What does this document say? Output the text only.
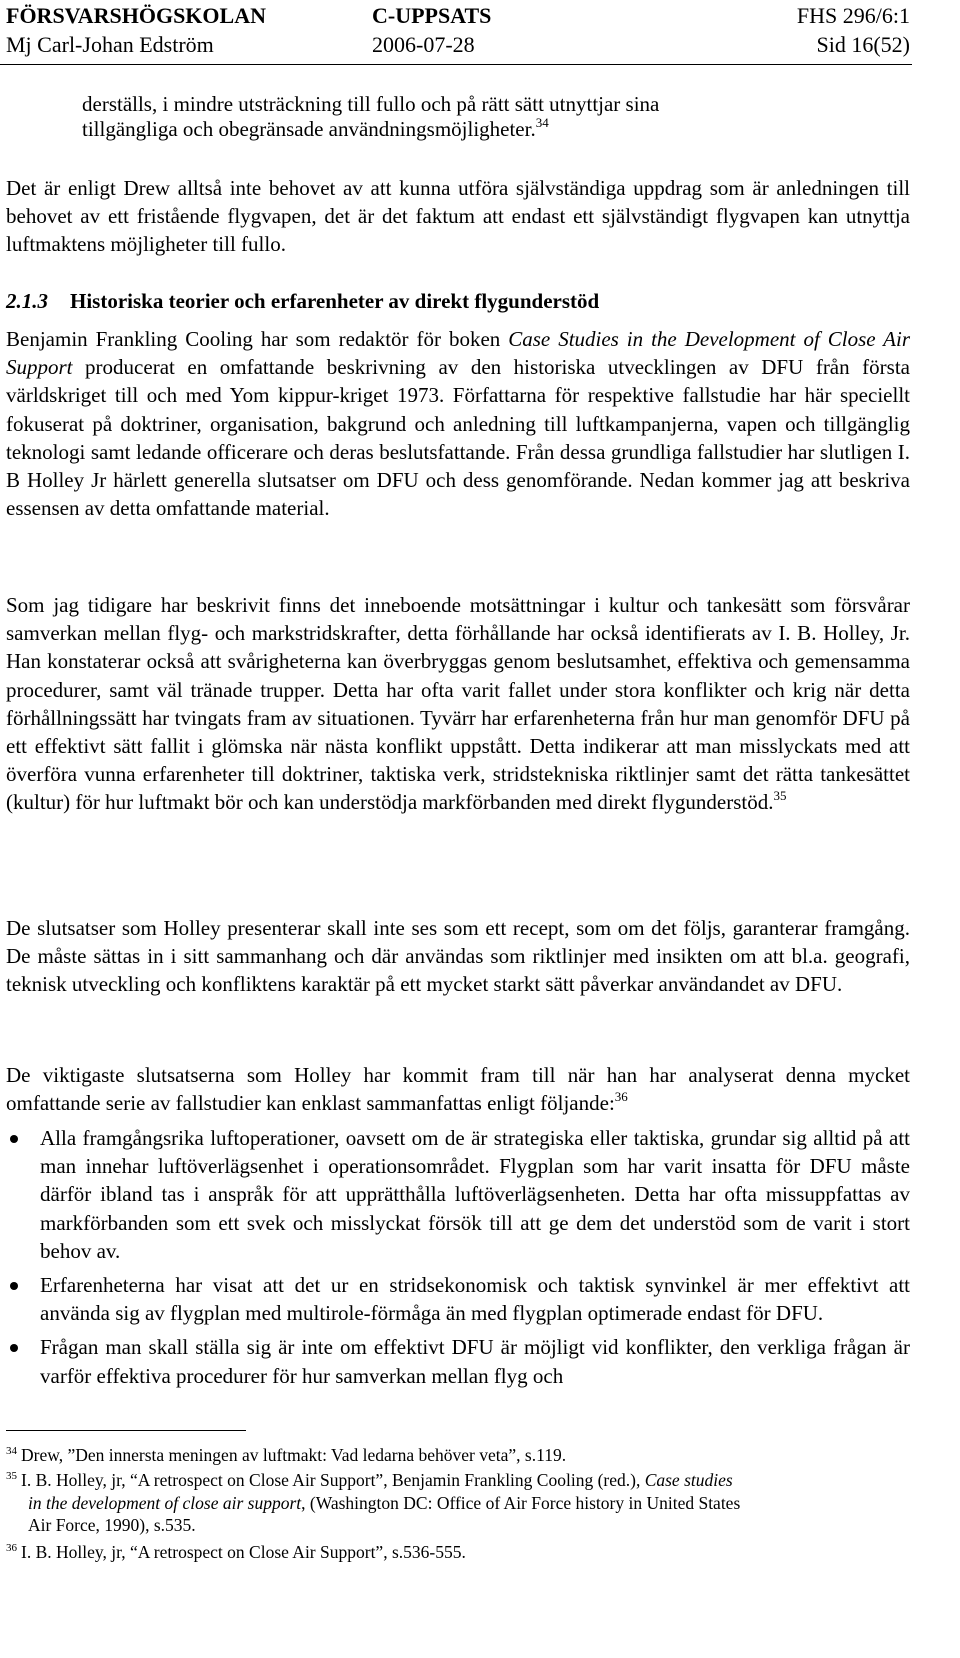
FÖRSVARSHÖGSKOLAN	C-UPPSATS	FHS 296/6:1
Mj Carl-Johan Edström	2006-07-28	Sid 16(52)
derställs, i mindre utsträckning till fullo och på rätt sätt utnyttjar sina tillgängliga och obegränsade användningsmöjligheter.$^{34}$
Det är enligt Drew alltså inte behovet av att kunna utföra självständiga uppdrag som är anledningen till behovet av ett fristående flygvapen, det är det faktum att endast ett självständigt flygvapen kan utnyttja luftmaktens möjligheter till fullo.
2.1.3 Historiska teorier och erfarenheter av direkt flygunderstöd
Benjamin Frankling Cooling har som redaktör för boken Case Studies in the Development of Close Air Support producerat en omfattande beskrivning av den historiska utvecklingen av DFU från första världskriget till och med Yom kippur-kriget 1973. Författarna för respektive fallstudie har här speciellt fokuserat på doktriner, organisation, bakgrund och anledning till luftkampanjerna, vapen och tillgänglig teknologi samt ledande officerare och deras beslutsfattande. Från dessa grundliga fallstudier har slutligen I. B Holley Jr härlett generella slutsatser om DFU och dess genomförande. Nedan kommer jag att beskriva essensen av detta omfattande material.
Som jag tidigare har beskrivit finns det inneboende motsättningar i kultur och tankesätt som försvårar samverkan mellan flyg- och markstridskrafter, detta förhållande har också identifierats av I. B. Holley, Jr. Han konstaterar också att svårigheterna kan överbryggas genom beslutsamhet, effektiva och gemensamma procedurer, samt väl tränade trupper. Detta har ofta varit fallet under stora konflikter och krig när detta förhållningssätt har tvingats fram av situationen. Tyvärr har erfarenheterna från hur man genomför DFU på ett effektivt sätt fallit i glömska när nästa konflikt uppstått. Detta indikerar att man misslyckats med att överföra vunna erfarenheter till doktriner, taktiska verk, stridstekniska riktlinjer samt det rätta tankesättet (kultur) för hur luftmakt bör och kan understödja markförbanden med direkt flygunderstöd.$^{35}$
De slutsatser som Holley presenterar skall inte ses som ett recept, som om det följs, garanterar framgång. De måste sättas in i sitt sammanhang och där användas som riktlinjer med insikten om att bl.a. geografi, teknisk utveckling och konfliktens karaktär på ett mycket starkt sätt påverkar användandet av DFU.
De viktigaste slutsatserna som Holley har kommit fram till när han har analyserat denna mycket omfattande serie av fallstudier kan enklast sammanfattas enligt följande:$^{36}$
Alla framgångsrika luftoperationer, oavsett om de är strategiska eller taktiska, grundar sig alltid på att man innehar luftöverlägsenhet i operationsområdet. Flygplan som har varit insatta för DFU måste därför ibland tas i anspråk för att upprätthålla luftöverlägsenheten. Detta har ofta missuppfattas av markförbanden som ett svek och misslyckat försök till att ge dem det understöd som de varit i stort behov av.
Erfarenheterna har visat att det ur en stridsekonomisk och taktisk synvinkel är mer effektivt att använda sig av flygplan med multirole-förmåga än med flygplan optimerade endast för DFU.
Frågan man skall ställa sig är inte om effektivt DFU är möjligt vid konflikter, den verkliga frågan är varför effektiva procedurer för hur samverkan mellan flyg och
$^{34}$ Drew, ”Den innersta meningen av luftmakt: Vad ledarna behöver veta”, s.119.
$^{35}$ I. B. Holley, jr, “A retrospect on Close Air Support”, Benjamin Frankling Cooling (red.), Case studies
in the development of close air support, (Washington DC: Office of Air Force history in United States
Air Force, 1990), s.535.
$^{36}$ I. B. Holley, jr, “A retrospect on Close Air Support”, s.536-555.
